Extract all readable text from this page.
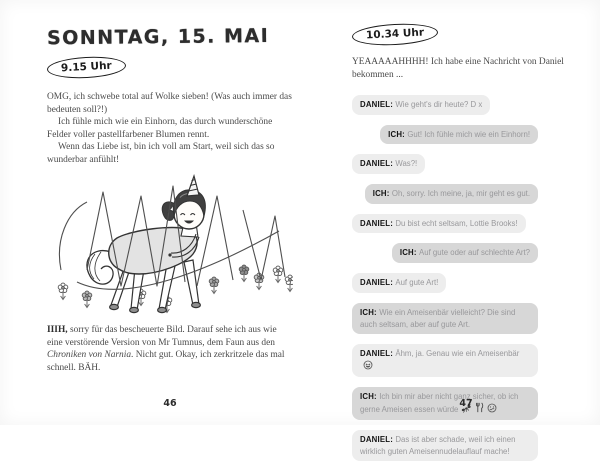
SONNTAG, 15. MAI
9.15 Uhr

OMG, ich schwebe total auf Wolke sieben! (Was auch immer das bedeuten soll?!)

Ich fühle mich wie ein Einhorn, das durch wunderschöne Felder voller pastellfarbener Blumen rennt.

Wenn das Liebe ist, bin ich voll am Start, weil sich das so wunderbar anfühlt!

IIIH, sorry für das bescheuerte Bild. Darauf sehe ich aus wie eine verstörende Version von Mr Tumnus, dem Faun aus den Chroniken von Narnia. Nicht gut. Okay, ich zerkritzele das mal schnell. BÄH.

46
10.34 Uhr

YEAAAAAHHHH! Ich habe eine Nachricht von Daniel bekommen ...

DANIEL: Wie geht's dir heute? D x
ICH: Gut! Ich fühle mich wie ein Einhorn!
DANIEL: Was?!
ICH: Oh, sorry. Ich meine, ja, mir geht es gut.
DANIEL: Du bist echt seltsam, Lottie Brooks!
ICH: Auf gute oder auf schlechte Art?
DANIEL: Auf gute Art!
ICH: Wie ein Ameisenbär vielleicht? Die sind auch seltsam, aber auf gute Art.
DANIEL: Ähm, ja. Genau wie ein Ameisenbär
ICH: Ich bin mir aber nicht ganz sicher, ob ich gerne Ameisen essen würde
DANIEL: Das ist aber schade, weil ich einen wirklich guten Ameisennudelauflauf mache!
47
